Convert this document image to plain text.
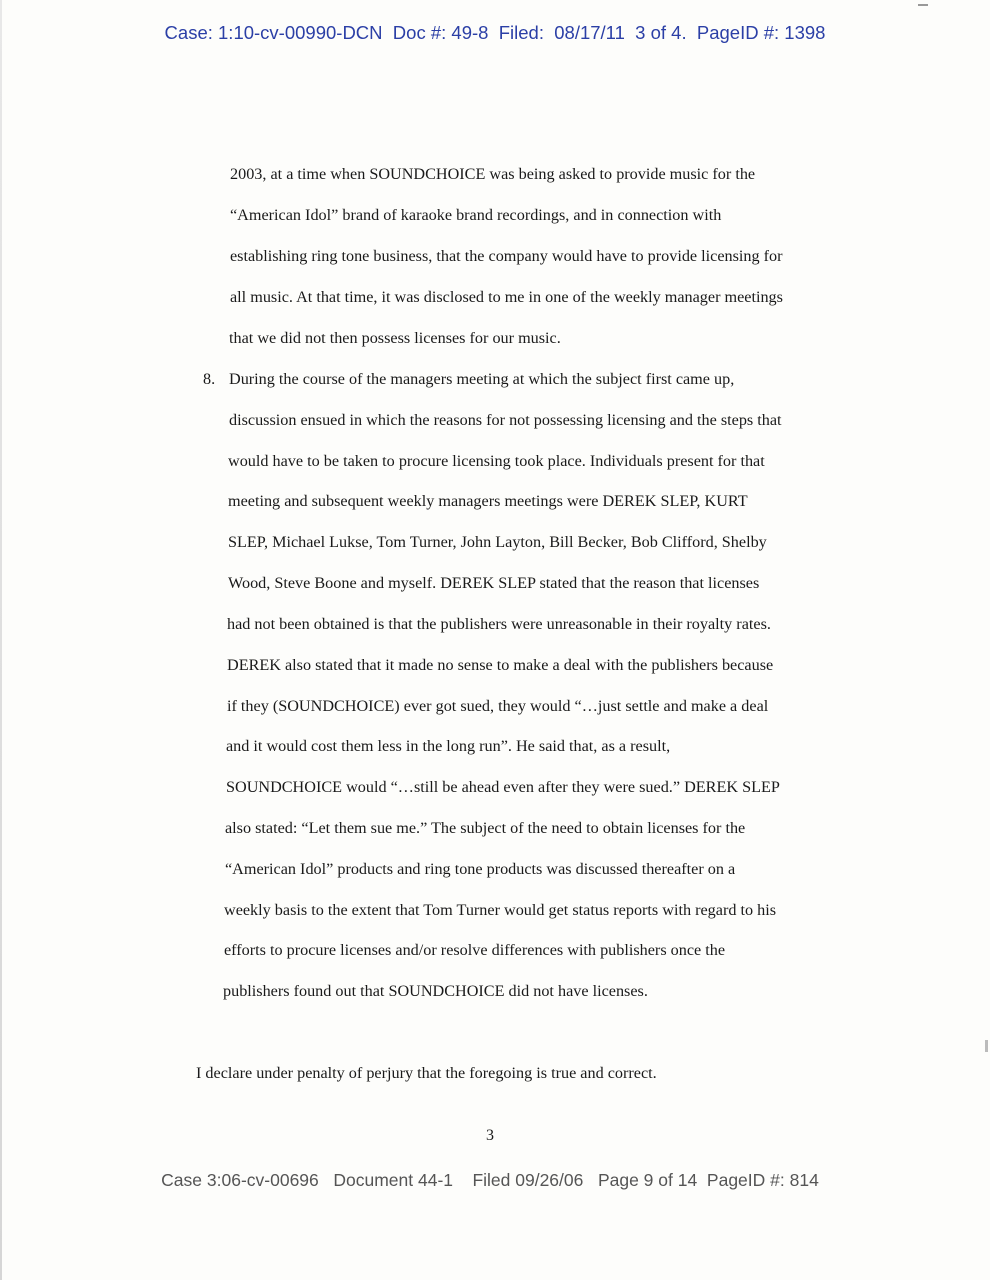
Case: 1:10-cv-00990-DCN  Doc #: 49-8  Filed:  08/17/11  3 of 4.  PageID #: 1398
2003, at a time when SOUNDCHOICE was being asked to provide music for the
“American Idol” brand of karaoke brand recordings, and in connection with
establishing ring tone business, that the company would have to provide licensing for
all music. At that time, it was disclosed to me in one of the weekly manager meetings
that we did not then possess licenses for our music.
8. During the course of the managers meeting at which the subject first came up,
discussion ensued in which the reasons for not possessing licensing and the steps that
would have to be taken to procure licensing took place. Individuals present for that
meeting and subsequent weekly managers meetings were DEREK SLEP, KURT
SLEP, Michael Lukse, Tom Turner, John Layton, Bill Becker, Bob Clifford, Shelby
Wood, Steve Boone and myself. DEREK SLEP stated that the reason that licenses
had not been obtained is that the publishers were unreasonable in their royalty rates.
DEREK also stated that it made no sense to make a deal with the publishers because
if they (SOUNDCHOICE) ever got sued, they would “…just settle and make a deal
and it would cost them less in the long run”. He said that, as a result,
SOUNDCHOICE would “…still be ahead even after they were sued.” DEREK SLEP
also stated: “Let them sue me.” The subject of the need to obtain licenses for the
“American Idol” products and ring tone products was discussed thereafter on a
weekly basis to the extent that Tom Turner would get status reports with regard to his
efforts to procure licenses and/or resolve differences with publishers once the
publishers found out that SOUNDCHOICE did not have licenses.
I declare under penalty of perjury that the foregoing is true and correct.
3
Case 3:06-cv-00696   Document 44-1    Filed 09/26/06   Page 9 of 14  PageID #: 814
